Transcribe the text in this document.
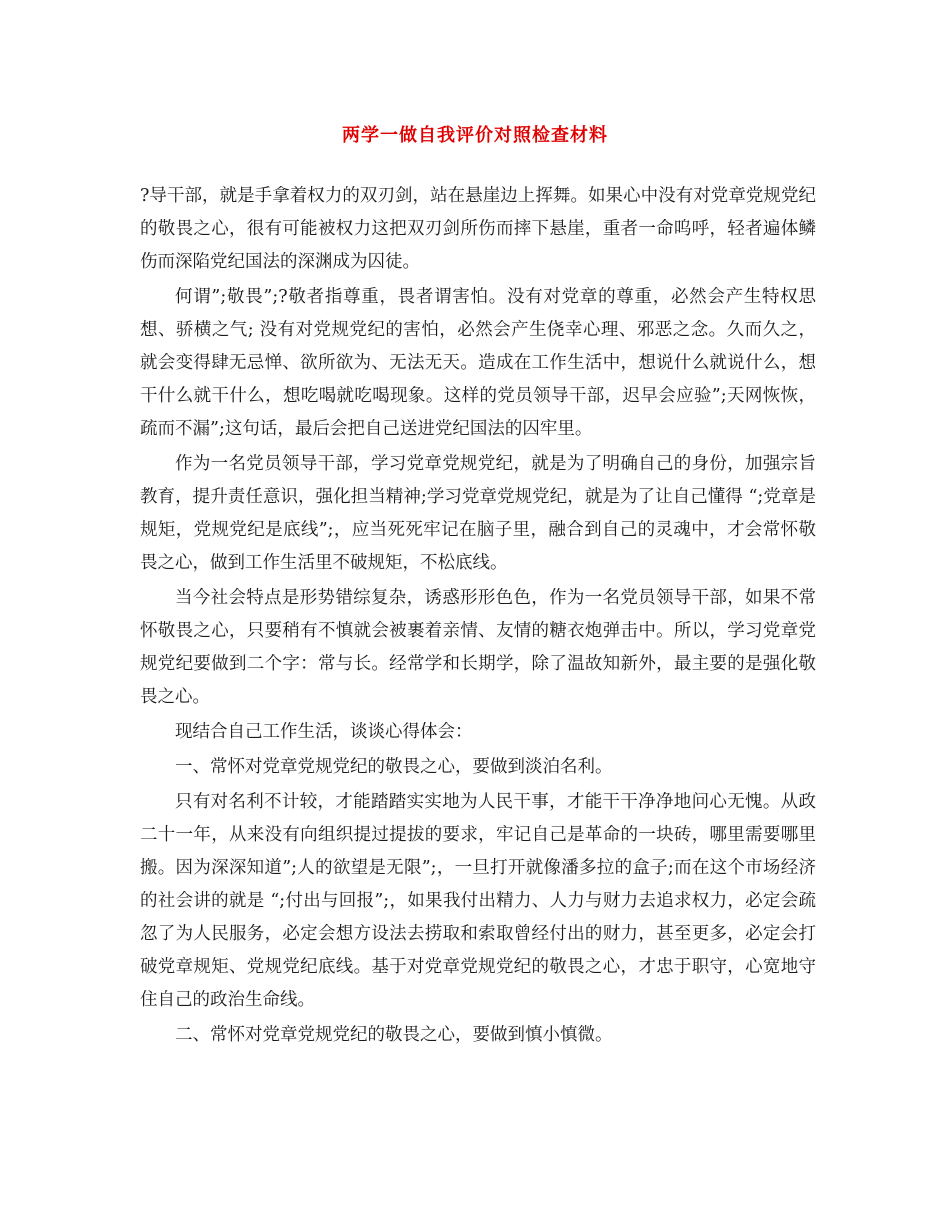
两学一做自我评价对照检查材料

?导干部，就是手拿着权力的双刃剑，站在悬崖边上挥舞。如果心中没有对党章党规党纪的敬畏之心，很有可能被权力这把双刃剑所伤而摔下悬崖，重者一命呜呼，轻者遍体鳞伤而深陷党纪国法的深渊成为囚徒。

何谓”;敬畏”;?敬者指尊重，畏者谓害怕。没有对党章的尊重，必然会产生特权思想、骄横之气; 没有对党规党纪的害怕，必然会产生侥幸心理、邪恶之念。久而久之，就会变得肆无忌惮、欲所欲为、无法无天。造成在工作生活中，想说什么就说什么，想干什么就干什么，想吃喝就吃喝现象。这样的党员领导干部，迟早会应验”;天网恢恢，疏而不漏”;这句话，最后会把自己送进党纪国法的囚牢里。

作为一名党员领导干部，学习党章党规党纪，就是为了明确自己的身份，加强宗旨教育，提升责任意识，强化担当精神;学习党章党规党纪，就是为了让自己懂得 “;党章是规矩，党规党纪是底线”;，应当死死牢记在脑子里，融合到自己的灵魂中，才会常怀敬畏之心，做到工作生活里不破规矩，不松底线。

当今社会特点是形势错综复杂，诱惑形形色色，作为一名党员领导干部，如果不常怀敬畏之心，只要稍有不慎就会被裹着亲情、友情的糖衣炮弹击中。所以，学习党章党规党纪要做到二个字：常与长。经常学和长期学，除了温故知新外，最主要的是强化敬畏之心。

现结合自己工作生活，谈谈心得体会：

一、常怀对党章党规党纪的敬畏之心，要做到淡泊名利。

只有对名利不计较，才能踏踏实实地为人民干事，才能干干净净地问心无愧。从政二十一年，从来没有向组织提过提拔的要求，牢记自己是革命的一块砖，哪里需要哪里搬。因为深深知道”;人的欲望是无限”;，一旦打开就像潘多拉的盒子;而在这个市场经济的社会讲的就是 “;付出与回报”;，如果我付出精力、人力与财力去追求权力，必定会疏忽了为人民服务，必定会想方设法去捞取和索取曾经付出的财力，甚至更多，必定会打破党章规矩、党规党纪底线。基于对党章党规党纪的敬畏之心，才忠于职守，心宽地守住自己的政治生命线。

二、常怀对党章党规党纪的敬畏之心，要做到慎小慎微。
